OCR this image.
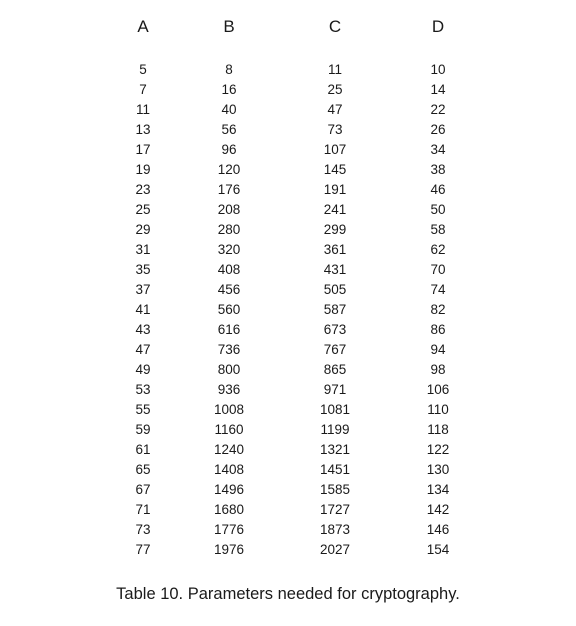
A	B	C	D
5	8	11	10
7	16	25	14
11	40	47	22
13	56	73	26
17	96	107	34
19	120	145	38
23	176	191	46
25	208	241	50
29	280	299	58
31	320	361	62
35	408	431	70
37	456	505	74
41	560	587	82
43	616	673	86
47	736	767	94
49	800	865	98
53	936	971	106
55	1008	1081	110
59	1160	1199	118
61	1240	1321	122
65	1408	1451	130
67	1496	1585	134
71	1680	1727	142
73	1776	1873	146
77	1976	2027	154
Table 10. Parameters needed for cryptography.
